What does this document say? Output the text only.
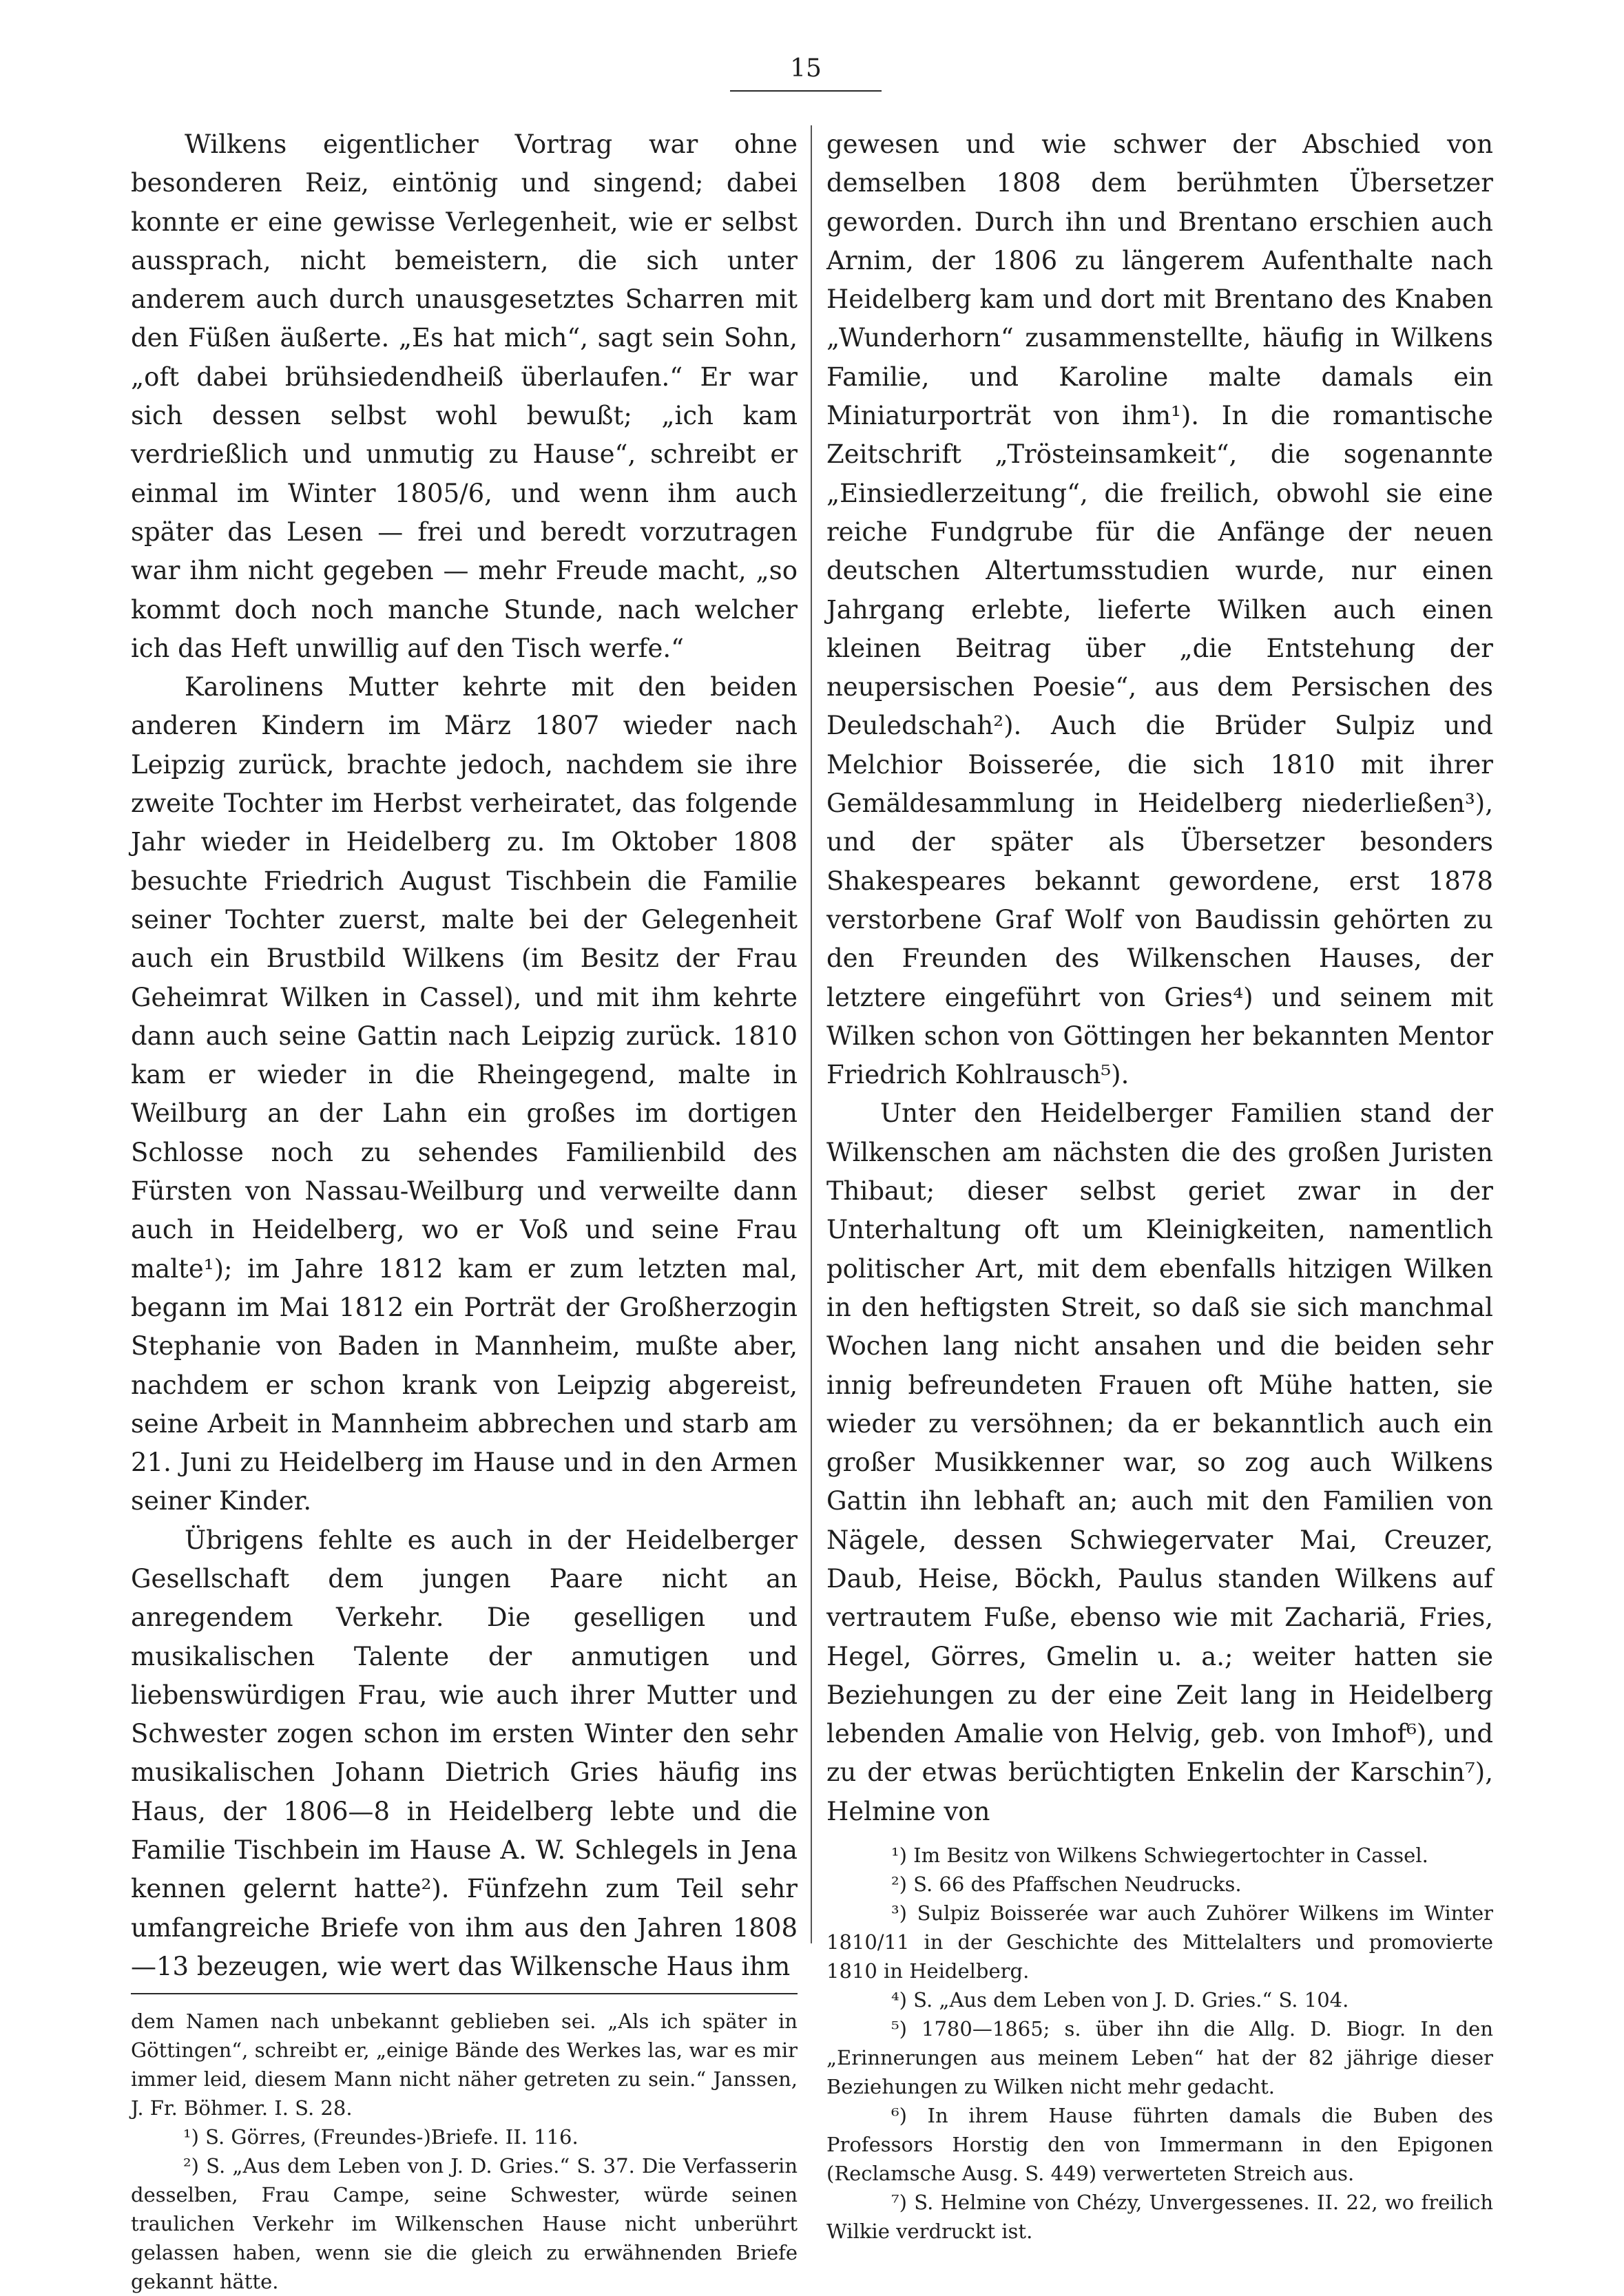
15

Wilkens eigentlicher Vortrag war ohne besonderen Reiz, eintönig und singend; dabei konnte er eine gewisse Verlegenheit, wie er selbst aussprach, nicht bemeistern, die sich unter anderem auch durch unausgesetztes Scharren mit den Füßen äußerte. „Es hat mich“, sagt sein Sohn, „oft dabei brühsiedendheiß überlaufen.“ Er war sich dessen selbst wohl bewußt; „ich kam verdrießlich und unmutig zu Hause“, schreibt er einmal im Winter 1805/6, und wenn ihm auch später das Lesen — frei und beredt vorzutragen war ihm nicht gegeben — mehr Freude macht, „so kommt doch noch manche Stunde, nach welcher ich das Heft unwillig auf den Tisch werfe.“

Karolinens Mutter kehrte mit den beiden anderen Kindern im März 1807 wieder nach Leipzig zurück, brachte jedoch, nachdem sie ihre zweite Tochter im Herbst verheiratet, das folgende Jahr wieder in Heidelberg zu. Im Oktober 1808 besuchte Friedrich August Tischbein die Familie seiner Tochter zuerst, malte bei der Gelegenheit auch ein Brustbild Wilkens (im Besitz der Frau Geheimrat Wilken in Cassel), und mit ihm kehrte dann auch seine Gattin nach Leipzig zurück. 1810 kam er wieder in die Rheingegend, malte in Weilburg an der Lahn ein großes im dortigen Schlosse noch zu sehendes Familienbild des Fürsten von Nassau-Weilburg und verweilte dann auch in Heidelberg, wo er Voß und seine Frau malte¹); im Jahre 1812 kam er zum letzten mal, begann im Mai 1812 ein Porträt der Großherzogin Stephanie von Baden in Mannheim, mußte aber, nachdem er schon krank von Leipzig abgereist, seine Arbeit in Mannheim abbrechen und starb am 21. Juni zu Heidelberg im Hause und in den Armen seiner Kinder.

Übrigens fehlte es auch in der Heidelberger Gesellschaft dem jungen Paare nicht an anregendem Verkehr. Die geselligen und musikalischen Talente der anmutigen und liebenswürdigen Frau, wie auch ihrer Mutter und Schwester zogen schon im ersten Winter den sehr musikalischen Johann Dietrich Gries häufig ins Haus, der 1806—8 in Heidelberg lebte und die Familie Tischbein im Hause A. W. Schlegels in Jena kennen gelernt hatte²). Fünfzehn zum Teil sehr umfangreiche Briefe von ihm aus den Jahren 1808—13 bezeugen, wie wert das Wilkensche Haus ihm

dem Namen nach unbekannt geblieben sei. „Als ich später in Göttingen“, schreibt er, „einige Bände des Werkes las, war es mir immer leid, diesem Mann nicht näher getreten zu sein.“ Janssen, J. Fr. Böhmer. I. S. 28.

¹) S. Görres, (Freundes-)Briefe. II. 116.

²) S. „Aus dem Leben von J. D. Gries.“ S. 37. Die Verfasserin desselben, Frau Campe, seine Schwester, würde seinen traulichen Verkehr im Wilkenschen Hause nicht unberührt gelassen haben, wenn sie die gleich zu erwähnenden Briefe gekannt hätte.

gewesen und wie schwer der Abschied von demselben 1808 dem berühmten Übersetzer geworden. Durch ihn und Brentano erschien auch Arnim, der 1806 zu längerem Aufenthalte nach Heidelberg kam und dort mit Brentano des Knaben „Wunderhorn“ zusammenstellte, häufig in Wilkens Familie, und Karoline malte damals ein Miniaturporträt von ihm¹). In die romantische Zeitschrift „Trösteinsamkeit“, die sogenannte „Einsiedlerzeitung“, die freilich, obwohl sie eine reiche Fundgrube für die Anfänge der neuen deutschen Altertumsstudien wurde, nur einen Jahrgang erlebte, lieferte Wilken auch einen kleinen Beitrag über „die Entstehung der neupersischen Poesie“, aus dem Persischen des Deuledschah²). Auch die Brüder Sulpiz und Melchior Boisserée, die sich 1810 mit ihrer Gemäldesammlung in Heidelberg niederließen³), und der später als Übersetzer besonders Shakespeares bekannt gewordene, erst 1878 verstorbene Graf Wolf von Baudissin gehörten zu den Freunden des Wilkenschen Hauses, der letztere eingeführt von Gries⁴) und seinem mit Wilken schon von Göttingen her bekannten Mentor Friedrich Kohlrausch⁵).

Unter den Heidelberger Familien stand der Wilkenschen am nächsten die des großen Juristen Thibaut; dieser selbst geriet zwar in der Unterhaltung oft um Kleinigkeiten, namentlich politischer Art, mit dem ebenfalls hitzigen Wilken in den heftigsten Streit, so daß sie sich manchmal Wochen lang nicht ansahen und die beiden sehr innig befreundeten Frauen oft Mühe hatten, sie wieder zu versöhnen; da er bekanntlich auch ein großer Musikkenner war, so zog auch Wilkens Gattin ihn lebhaft an; auch mit den Familien von Nägele, dessen Schwiegervater Mai, Creuzer, Daub, Heise, Böckh, Paulus standen Wilkens auf vertrautem Fuße, ebenso wie mit Zachariä, Fries, Hegel, Görres, Gmelin u. a.; weiter hatten sie Beziehungen zu der eine Zeit lang in Heidelberg lebenden Amalie von Helvig, geb. von Imhof⁶), und zu der etwas berüchtigten Enkelin der Karschin⁷), Helmine von

¹) Im Besitz von Wilkens Schwiegertochter in Cassel.

²) S. 66 des Pfaffschen Neudrucks.

³) Sulpiz Boisserée war auch Zuhörer Wilkens im Winter 1810/11 in der Geschichte des Mittelalters und promovierte 1810 in Heidelberg.

⁴) S. „Aus dem Leben von J. D. Gries.“ S. 104.

⁵) 1780—1865; s. über ihn die Allg. D. Biogr. In den „Erinnerungen aus meinem Leben“ hat der 82 jährige dieser Beziehungen zu Wilken nicht mehr gedacht.

⁶) In ihrem Hause führten damals die Buben des Professors Horstig den von Immermann in den Epigonen (Reclamsche Ausg. S. 449) verwerteten Streich aus.

⁷) S. Helmine von Chézy, Unvergessenes. II. 22, wo freilich Wilkie verdruckt ist.
